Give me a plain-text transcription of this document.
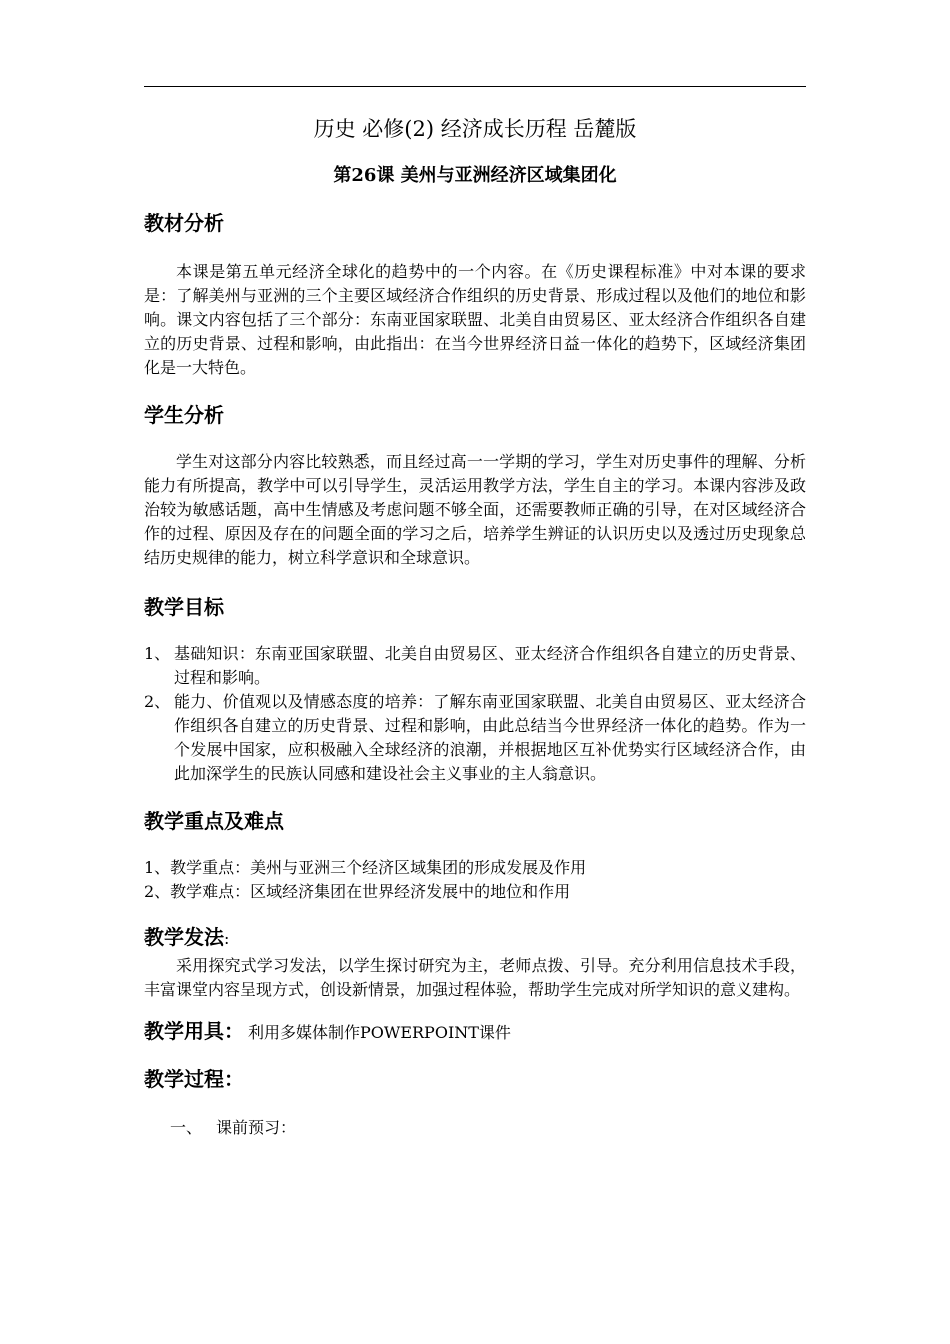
历史 必修(2) 经济成长历程 岳麓版
第26课 美州与亚洲经济区域集团化
教材分析

本课是第五单元经济全球化的趋势中的一个内容。在《历史课程标准》中对本课的要求是：了解美州与亚洲的三个主要区域经济合作组织的历史背景、形成过程以及他们的地位和影响。课文内容包括了三个部分：东南亚国家联盟、北美自由贸易区、亚太经济合作组织各自建立的历史背景、过程和影响，由此指出：在当今世界经济日益一体化的趋势下，区域经济集团化是一大特色。

学生分析

学生对这部分内容比较熟悉，而且经过高一一学期的学习，学生对历史事件的理解、分析能力有所提高，教学中可以引导学生，灵活运用教学方法，学生自主的学习。本课内容涉及政治较为敏感话题，高中生情感及考虑问题不够全面，还需要教师正确的引导，在对区域经济合作的过程、原因及存在的问题全面的学习之后，培养学生辨证的认识历史以及透过历史现象总结历史规律的能力，树立科学意识和全球意识。

教学目标
1、 基础知识：东南亚国家联盟、北美自由贸易区、亚太经济合作组织各自建立的历史背景、过程和影响。
2、 能力、价值观以及情感态度的培养：了解东南亚国家联盟、北美自由贸易区、亚太经济合作组织各自建立的历史背景、过程和影响，由此总结当今世界经济一体化的趋势。作为一个发展中国家，应积极融入全球经济的浪潮，并根据地区互补优势实行区域经济合作，由此加深学生的民族认同感和建设社会主义事业的主人翁意识。
教学重点及难点
1、教学重点：美州与亚洲三个经济区域集团的形成发展及作用
2、教学难点：区域经济集团在世界经济发展中的地位和作用
教学发法 :

采用探究式学习发法，以学生探讨研究为主，老师点拨、引导。充分利用信息技术手段，丰富课堂内容呈现方式，创设新情景，加强过程体验，帮助学生完成对所学知识的意义建构。

教学用具： 利用多媒体制作POWERPOINT课件
教学过程：

一、 课前预习：
